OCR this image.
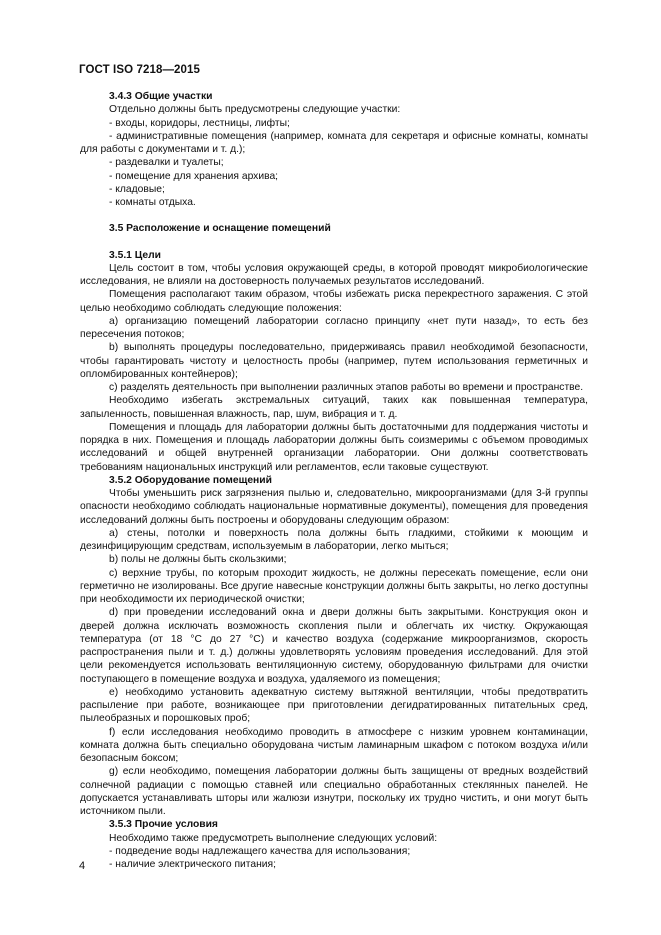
ГОСТ ISO 7218—2015

3.4.3 Общие участки

Отдельно должны быть предусмотрены следующие участки:

- входы, коридоры, лестницы, лифты;

- административные помещения (например, комната для секретаря и офисные комнаты, комнаты для работы с документами и т. д.);

- раздевалки и туалеты;

- помещение для хранения архива;

- кладовые;

- комнаты отдыха.

3.5 Расположение и оснащение помещений

3.5.1 Цели

Цель состоит в том, чтобы условия окружающей среды, в которой проводят микробиологические исследования, не влияли на достоверность получаемых результатов исследований.

Помещения располагают таким образом, чтобы избежать риска перекрестного заражения. С этой целью необходимо соблюдать следующие положения:

a) организацию помещений лаборатории согласно принципу «нет пути назад», то есть без пересечения потоков;

b) выполнять процедуры последовательно, придерживаясь правил необходимой безопасности, чтобы гарантировать чистоту и целостность пробы (например, путем использования герметичных и опломбированных контейнеров);

c) разделять деятельность при выполнении различных этапов работы во времени и пространстве.

Необходимо избегать экстремальных ситуаций, таких как повышенная температура, запыленность, повышенная влажность, пар, шум, вибрация и т. д.

Помещения и площадь для лаборатории должны быть достаточными для поддержания чистоты и порядка в них. Помещения и площадь лаборатории должны быть соизмеримы с объемом проводимых исследований и общей внутренней организации лаборатории. Они должны соответствовать требованиям национальных инструкций или регламентов, если таковые существуют.

3.5.2 Оборудование помещений

Чтобы уменьшить риск загрязнения пылью и, следовательно, микроорганизмами (для 3-й группы опасности необходимо соблюдать национальные нормативные документы), помещения для проведения исследований должны быть построены и оборудованы следующим образом:

a) стены, потолки и поверхность пола должны быть гладкими, стойкими к моющим и дезинфицирующим средствам, используемым в лаборатории, легко мыться;

b) полы не должны быть скользкими;

c) верхние трубы, по которым проходит жидкость, не должны пересекать помещение, если они герметично не изолированы. Все другие навесные конструкции должны быть закрыты, но легко доступны при необходимости их периодической очистки;

d) при проведении исследований окна и двери должны быть закрытыми. Конструкция окон и дверей должна исключать возможность скопления пыли и облегчать их чистку. Окружающая температура (от 18 °С до 27 °С) и качество воздуха (содержание микроорганизмов, скорость распространения пыли и т. д.) должны удовлетворять условиям проведения исследований. Для этой цели рекомендуется использовать вентиляционную систему, оборудованную фильтрами для очистки поступающего в помещение воздуха и воздуха, удаляемого из помещения;

e) необходимо установить адекватную систему вытяжной вентиляции, чтобы предотвратить распыление при работе, возникающее при приготовлении дегидратированных питательных сред, пылеобразных и порошковых проб;

f) если исследования необходимо проводить в атмосфере с низким уровнем контаминации, комната должна быть специально оборудована чистым ламинарным шкафом с потоком воздуха и/или безопасным боксом;

g) если необходимо, помещения лаборатории должны быть защищены от вредных воздействий солнечной радиации с помощью ставней или специально обработанных стеклянных панелей. Не допускается устанавливать шторы или жалюзи изнутри, поскольку их трудно чистить, и они могут быть источником пыли.

3.5.3 Прочие условия

Необходимо также предусмотреть выполнение следующих условий:

- подведение воды надлежащего качества для использования;

- наличие электрического питания;

4
